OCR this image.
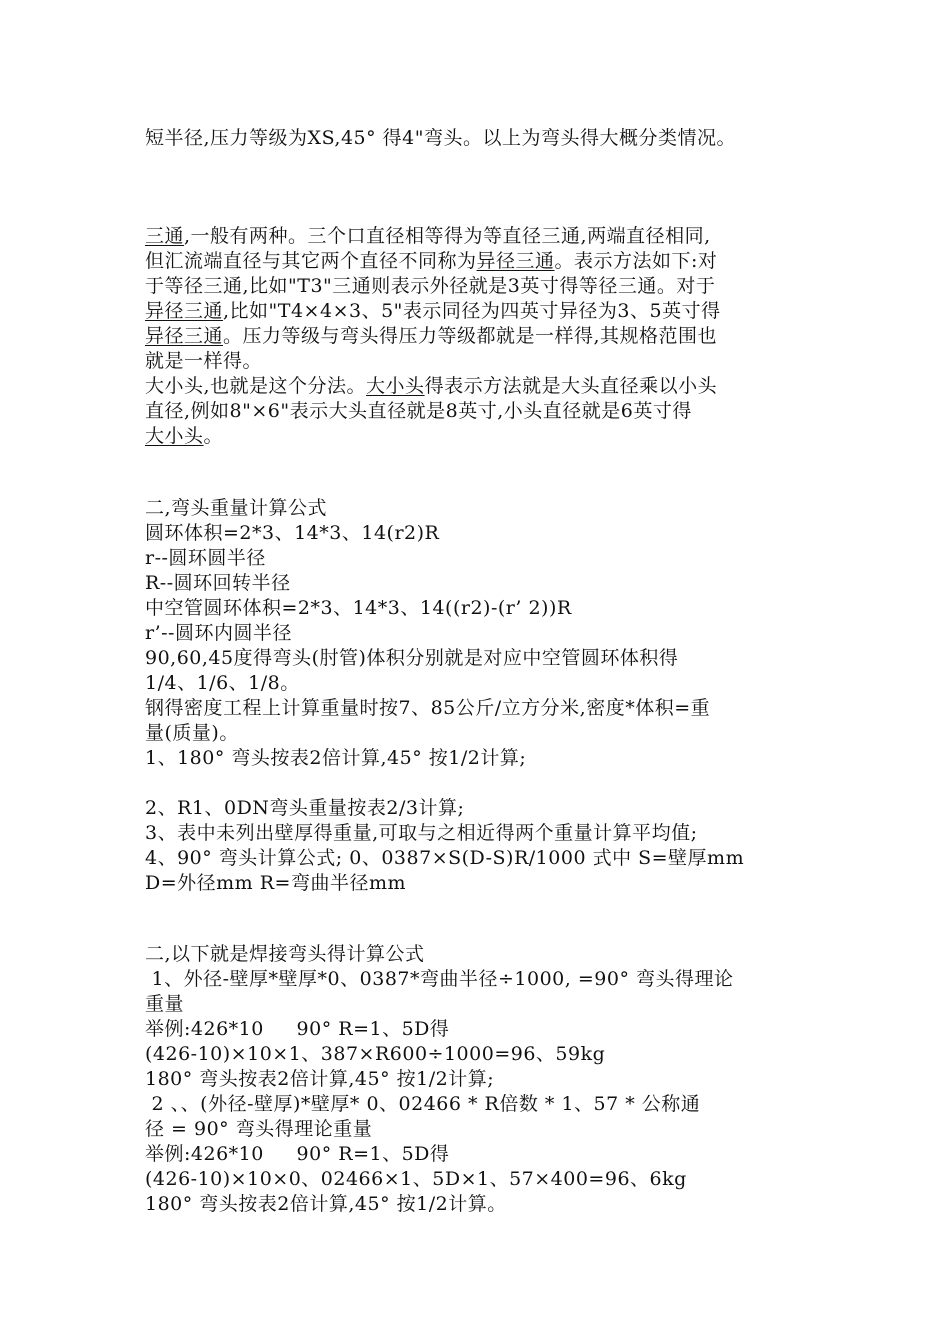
短半径,压力等级为XS,45° 得4"弯头。以上为弯头得大概分类情况。
三通,一般有两种。三个口直径相等得为等直径三通,两端直径相同,
但汇流端直径与其它两个直径不同称为异径三通。表示方法如下:对
于等径三通,比如"T3"三通则表示外径就是3英寸得等径三通。对于
异径三通,比如"T4×4×3、5"表示同径为四英寸异径为3、5英寸得
异径三通。压力等级与弯头得压力等级都就是一样得,其规格范围也
就是一样得。
大小头,也就是这个分法。大小头得表示方法就是大头直径乘以小头
直径,例如8"×6"表示大头直径就是8英寸,小头直径就是6英寸得
大小头。
二,弯头重量计算公式
圆环体积=2*3、14*3、14(r2)R
r--圆环圆半径
R--圆环回转半径
中空管圆环体积=2*3、14*3、14((r2)-(r’ 2))R
r’--圆环内圆半径
90,60,45度得弯头(肘管)体积分别就是对应中空管圆环体积得
1/4、1/6、1/8。
钢得密度工程上计算重量时按7、85公斤/立方分米,密度*体积=重
量(质量)。
1、180° 弯头按表2倍计算,45° 按1/2计算;
2、R1、0DN弯头重量按表2/3计算;
3、表中未列出壁厚得重量,可取与之相近得两个重量计算平均值;
4、90° 弯头计算公式; 0、0387×S(D-S)R/1000 式中 S=壁厚mm
D=外径mm R=弯曲半径mm
二,以下就是焊接弯头得计算公式
1、外径-壁厚*壁厚*0、0387*弯曲半径÷1000, =90° 弯头得理论
重量
举例:426*10     90° R=1、5D得
(426-10)×10×1、387×R600÷1000=96、59kg
180° 弯头按表2倍计算,45° 按1/2计算;
2 、、(外径-壁厚)*壁厚* 0、02466 * R倍数 * 1、57 * 公称通
径 = 90° 弯头得理论重量
举例:426*10     90° R=1、5D得
(426-10)×10×0、02466×1、5D×1、57×400=96、6kg
180° 弯头按表2倍计算,45° 按1/2计算。
